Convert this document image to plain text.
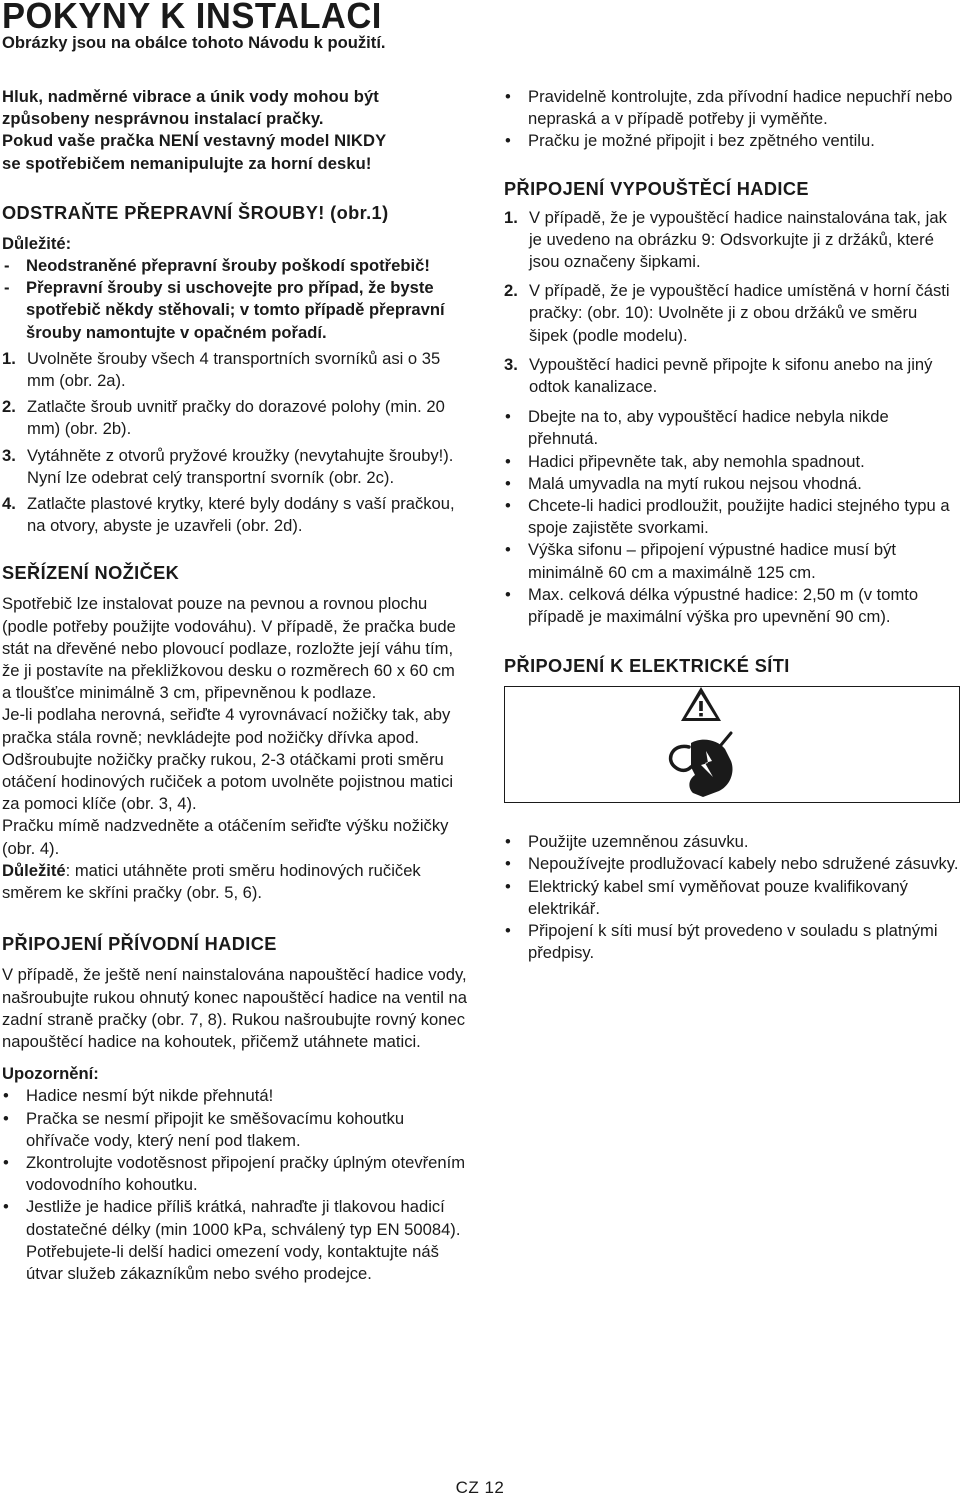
POKYNY K INSTALACI

Obrázky jsou na obálce tohoto Návodu k použití.

Hluk, nadměrné vibrace a únik vody mohou být
způsobeny nesprávnou instalací pračky.
Pokud vaše pračka NENÍ vestavný model NIKDY
se spotřebičem nemanipulujte za horní desku!

ODSTRAŇTE PŘEPRAVNÍ ŠROUBY! (obr.1)

Důležité:

- Neodstraněné přepravní šrouby poškodí spotřebič!
- Přepravní šrouby si uschovejte pro případ, že byste spotřebič někdy stěhovali; v tomto případě přepravní šrouby namontujte v opačném pořadí.
1. Uvolněte šrouby všech 4 transportních svorníků asi o 35 mm (obr. 2a).
2. Zatlačte šroub uvnitř pračky do dorazové polohy (min. 20 mm) (obr. 2b).
3. Vytáhněte z otvorů pryžové kroužky (nevytahujte šrouby!). Nyní lze odebrat celý transportní svorník (obr. 2c).
4. Zatlačte plastové krytky, které byly dodány s vaší pračkou, na otvory, abyste je uzavřeli (obr. 2d).

SEŘÍZENÍ NOŽIČEK

Spotřebič lze instalovat pouze na pevnou a rovnou plochu (podle potřeby použijte vodováhu). V případě, že pračka bude stát na dřevěné nebo plovoucí podlaze, rozložte její váhu tím, že ji postavíte na překližkovou desku o rozměrech 60 x 60 cm a tloušťce minimálně 3 cm, připevněnou k podlaze.

Je-li podlaha nerovná, seřiďte 4 vyrovnávací nožičky tak, aby pračka stála rovně; nevkládejte pod nožičky dřívka apod.

Odšroubujte nožičky pračky rukou, 2-3 otáčkami proti směru otáčení hodinových ručiček a potom uvolněte pojistnou matici za pomoci klíče (obr. 3, 4).

Pračku mímě nadzvedněte a otáčením seřiďte výšku nožičky (obr. 4).

Důležité: matici utáhněte proti směru hodinových ručiček směrem ke skříni pračky (obr. 5, 6).

PŘIPOJENÍ PŘÍVODNÍ HADICE

V případě, že ještě není nainstalována napouštěcí hadice vody, našroubujte rukou ohnutý konec napouštěcí hadice na ventil na zadní straně pračky (obr. 7, 8). Rukou našroubujte rovný konec napouštěcí hadice na kohoutek, přičemž utáhnete matici.

Upozornění:

• Hadice nesmí být nikde přehnutá!
• Pračka se nesmí připojit ke směšovacímu kohoutku ohřívače vody, který není pod tlakem.
• Zkontrolujte vodotěsnost připojení pračky úplným otevřením vodovodního kohoutku.
• Jestliže je hadice příliš krátká, nahraďte ji tlakovou hadicí dostatečné délky (min 1000 kPa, schválený typ EN 50084). Potřebujete-li delší hadici omezení vody, kontaktujte náš útvar služeb zákazníkům nebo svého prodejce.
• Pravidelně kontrolujte, zda přívodní hadice nepuchří nebo nepraská a v případě potřeby ji vyměňte.
• Pračku je možné připojit i bez zpětného ventilu.

PŘIPOJENÍ VYPOUŠTĚCÍ HADICE

1. V případě, že je vypouštěcí hadice nainstalována tak, jak je uvedeno na obrázku 9: Odsvorkujte ji z držáků, které jsou označeny šipkami.
2. V případě, že je vypouštěcí hadice umístěná v horní části pračky: (obr. 10): Uvolněte ji z obou držáků ve směru šipek (podle modelu).
3. Vypouštěcí hadici pevně připojte k sifonu anebo na jiný odtok kanalizace.
• Dbejte na to, aby vypouštěcí hadice nebyla nikde přehnutá.
• Hadici připevněte tak, aby nemohla spadnout.
• Malá umyvadla na mytí rukou nejsou vhodná.
• Chcete-li hadici prodloužit, použijte hadici stejného typu a spoje zajistěte svorkami.
• Výška sifonu – připojení výpustné hadice musí být minimálně 60 cm a maximálně 125 cm.
• Max. celková délka výpustné hadice: 2,50 m (v tomto případě je maximální výška pro upevnění 90 cm).

PŘIPOJENÍ K ELEKTRICKÉ SÍTI

• Použijte uzemněnou zásuvku.
• Nepoužívejte prodlužovací kabely nebo sdružené zásuvky.
• Elektrický kabel smí vyměňovat pouze kvalifikovaný elektrikář.
• Připojení k síti musí být provedeno v souladu s platnými předpisy.
CZ 12
